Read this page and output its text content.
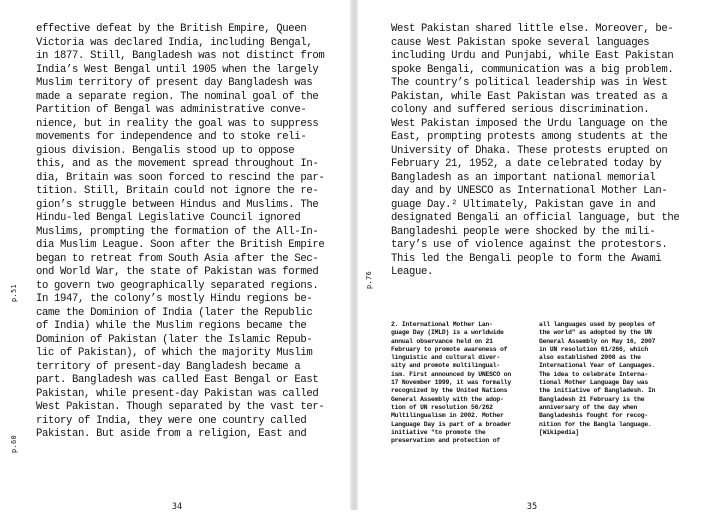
p.51
p.60
effective defeat by the British Empire, Queen
Victoria was declared India, including Bengal,
in 1877. Still, Bangladesh was not distinct from
India’s West Bengal until 1905 when the largely
Muslim territory of present day Bangladesh was
made a separate region. The nominal goal of the
Partition of Bengal was administrative conve-
nience, but in reality the goal was to suppress
movements for independence and to stoke reli-
gious division. Bengalis stood up to oppose
this, and as the movement spread throughout In-
dia, Britain was soon forced to rescind the par-
tition. Still, Britain could not ignore the re-
gion’s struggle between Hindus and Muslims. The
Hindu-led Bengal Legislative Council ignored
Muslims, prompting the formation of the All-In-
dia Muslim League. Soon after the British Empire
began to retreat from South Asia after the Sec-
ond World War, the state of Pakistan was formed
to govern two geographically separated regions.
In 1947, the colony’s mostly Hindu regions be-
came the Dominion of India (later the Republic
of India) while the Muslim regions became the
Dominion of Pakistan (later the Islamic Repub-
lic of Pakistan), of which the majority Muslim
territory of present-day Bangladesh became a
part. Bangladesh was called East Bengal or East
Pakistan, while present-day Pakistan was called
West Pakistan. Though separated by the vast ter-
ritory of India, they were one country called
Pakistan. But aside from a religion, East and
34
p.76
West Pakistan shared little else. Moreover, be-
cause West Pakistan spoke several languages
including Urdu and Punjabi, while East Pakistan
spoke Bengali, communication was a big problem.
The country’s political leadership was in West
Pakistan, while East Pakistan was treated as a
colony and suffered serious discrimination.
West Pakistan imposed the Urdu language on the
East, prompting protests among students at the
University of Dhaka. These protests erupted on
February 21, 1952, a date celebrated today by
Bangladesh as an important national memorial
day and by UNESCO as International Mother Lan-
guage Day.² Ultimately, Pakistan gave in and
designated Bengali an official language, but the
Bangladeshi people were shocked by the mili-
tary’s use of violence against the protestors.
This led the Bengali people to form the Awami
League.
2. International Mother Lan-
guage Day (IMLD) is a worldwide
annual observance held on 21
February to promote awareness of
linguistic and cultural diver-
sity and promote multilingual-
ism. First announced by UNESCO on
17 November 1999, it was formally
recognized by the United Nations
General Assembly with the adop-
tion of UN resolution 56/262
Multilingualism in 2002. Mother
Language Day is part of a broader
initiative "to promote the
preservation and protection of
all languages used by peoples of
the world" as adopted by the UN
General Assembly on May 16, 2007
in UN resolution 61/266, which
also established 2008 as the
International Year of Languages.
The idea to celebrate Interna-
tional Mother Language Day was
the initiative of Bangladesh. In
Bangladesh 21 February is the
anniversary of the day when
Bangladeshis fought for recog-
nition for the Bangla language.
[Wikipedia]
35
